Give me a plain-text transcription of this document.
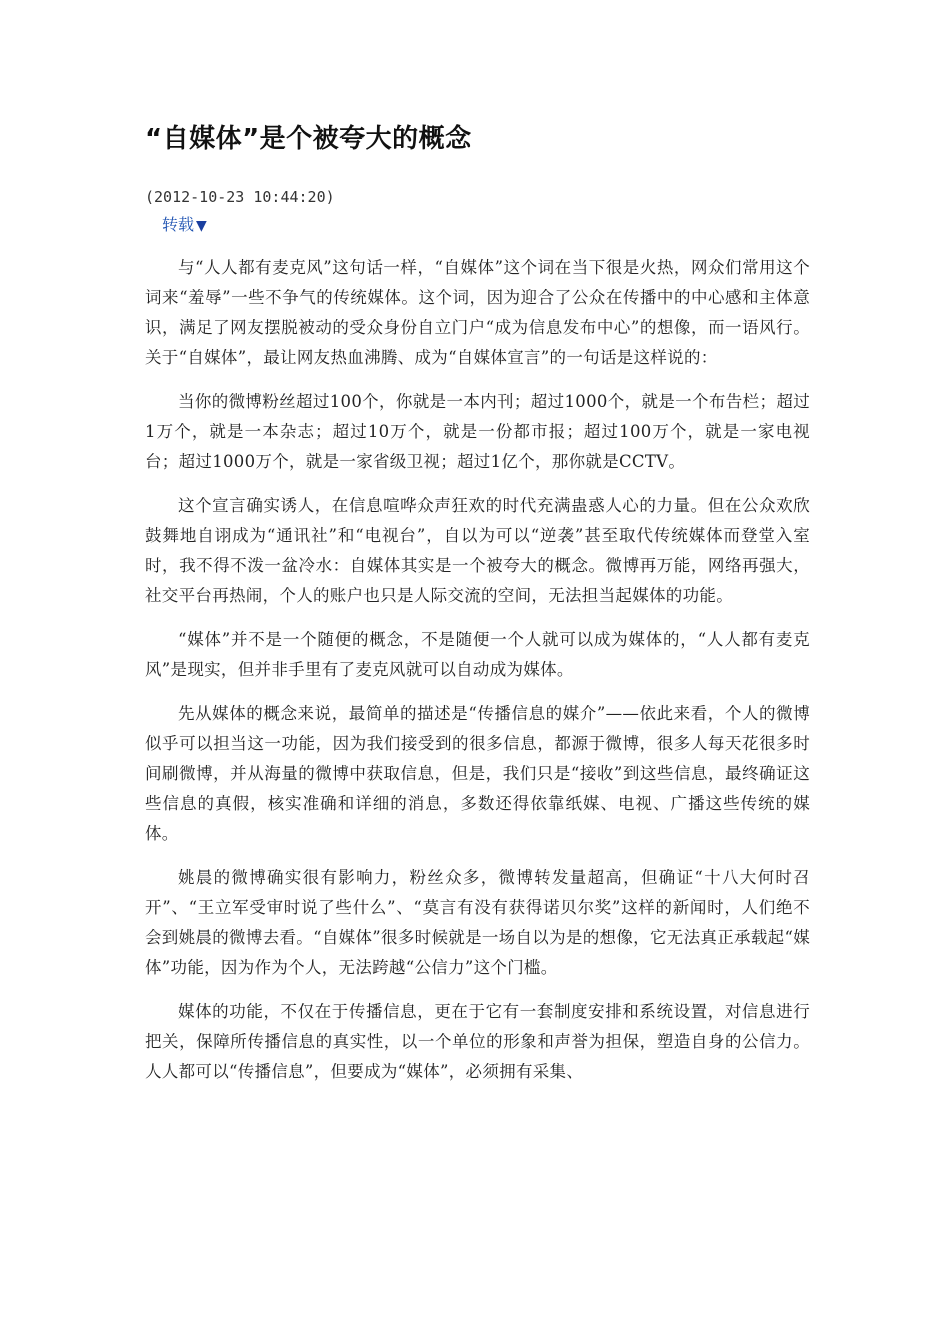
“自媒体”是个被夸大的概念
(2012-10-23 10:44:20)
转载 ▼

与“人人都有麦克风”这句话一样，“自媒体”这个词在当下很是火热，网众们常用这个词来“羞辱”一些不争气的传统媒体。这个词，因为迎合了公众在传播中的中心感和主体意识，满足了网友摆脱被动的受众身份自立门户“成为信息发布中心”的想像，而一语风行。关于“自媒体”，最让网友热血沸腾、成为“自媒体宣言”的一句话是这样说的：

当你的微博粉丝超过100个，你就是一本内刊；超过1000个，就是一个布告栏；超过1万个，就是一本杂志；超过10万个，就是一份都市报；超过100万个，就是一家电视台；超过1000万个，就是一家省级卫视；超过1亿个，那你就是CCTV。

这个宣言确实诱人，在信息喧哗众声狂欢的时代充满蛊惑人心的力量。但在公众欢欣鼓舞地自诩成为“通讯社”和“电视台”，自以为可以“逆袭”甚至取代传统媒体而登堂入室时，我不得不泼一盆冷水：自媒体其实是一个被夸大的概念。微博再万能，网络再强大，社交平台再热闹，个人的账户也只是人际交流的空间，无法担当起媒体的功能。

“媒体”并不是一个随便的概念，不是随便一个人就可以成为媒体的，“人人都有麦克风”是现实，但并非手里有了麦克风就可以自动成为媒体。

先从媒体的概念来说，最简单的描述是“传播信息的媒介”——依此来看，个人的微博似乎可以担当这一功能，因为我们接受到的很多信息，都源于微博，很多人每天花很多时间刷微博，并从海量的微博中获取信息，但是，我们只是“接收”到这些信息，最终确证这些信息的真假，核实准确和详细的消息，多数还得依靠纸媒、电视、广播这些传统的媒体。

姚晨的微博确实很有影响力，粉丝众多，微博转发量超高，但确证“十八大何时召开”、“王立军受审时说了些什么”、“莫言有没有获得诺贝尔奖”这样的新闻时，人们绝不会到姚晨的微博去看。“自媒体”很多时候就是一场自以为是的想像，它无法真正承载起“媒体”功能，因为作为个人，无法跨越“公信力”这个门槛。

媒体的功能，不仅在于传播信息，更在于它有一套制度安排和系统设置，对信息进行把关，保障所传播信息的真实性，以一个单位的形象和声誉为担保，塑造自身的公信力。人人都可以“传播信息”，但要成为“媒体”，必须拥有采集、
